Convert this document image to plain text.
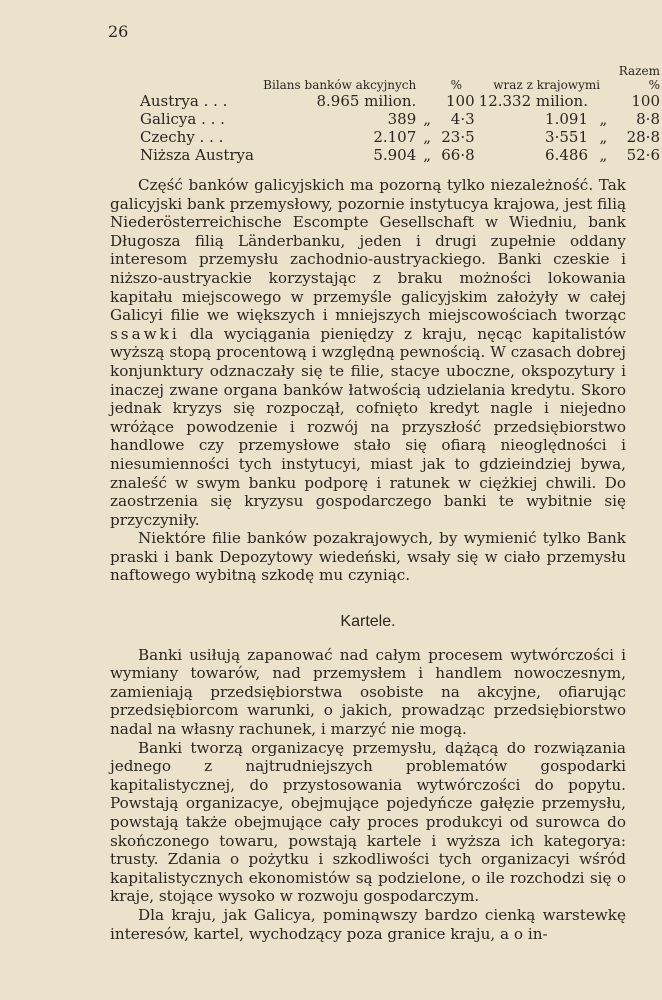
26
	Bilans banków akcyjnych		%	wraz z krajowymi		Razem
%
Austrya . . .	8.965 milion.		100	12.332 milion.		100
Galicya . . .	389	„	4·3	1.091	„	8·8
Czechy . . .	2.107	„	23·5	3·551	„	28·8
Niższa Austrya	5.904	„	66·8	6.486	„	52·6

Część banków galicyjskich ma pozorną tylko niezależność. Tak galicyjski bank przemysłowy, pozornie instytucya krajowa, jest filią Niederösterreichische Escompte Gesellschaft w Wiedniu, bank Długosza filią Länderbanku, jeden i drugi zupełnie oddany interesom przemysłu zachodnio-austryackiego. Banki czeskie i niższo-austryackie korzystając z braku możności lokowania kapitału miejscowego w przemyśle galicyjskim założyły w całej Galicyi filie we większych i mniejszych miejscowościach tworząc ssawki dla wyciągania pieniędzy z kraju, nęcąc kapitalistów wyższą stopą procentową i względną pewnością. W czasach dobrej konjunktury odznaczały się te filie, stacye uboczne, okspozytury i inaczej zwane organa banków łatwością udzielania kredytu. Skoro jednak kryzys się rozpoczął, cofnięto kredyt nagle i niejedno wróżące powodzenie i rozwój na przyszłość przedsiębiorstwo handlowe czy przemysłowe stało się ofiarą nieoględności i niesumienności tych instytucyi, miast jak to gdzieindziej bywa, znaleść w swym banku podporę i ratunek w ciężkiej chwili. Do zaostrzenia się kryzysu gospodarczego banki te wybitnie się przyczyniły.

Niektóre filie banków pozakrajowych, by wymienić tylko Bank praski i bank Depozytowy wiedeński, wsały się w ciało przemysłu naftowego wybitną szkodę mu czyniąc.

Kartele.

Banki usiłują zapanować nad całym procesem wytwórczości i wymiany towarów, nad przemysłem i handlem nowoczesnym, zamieniają przedsiębiorstwa osobiste na akcyjne, ofiarując przedsiębiorcom warunki, o jakich, prowadząc przedsiębiorstwo nadal na własny rachunek, i marzyć nie mogą.

Banki tworzą organizacyę przemysłu, dążącą do rozwiązania jednego z najtrudniejszych problematów gospodarki kapitalistycznej, do przystosowania wytwórczości do popytu. Powstają organizacye, obejmujące pojedyńcze gałęzie przemysłu, powstają także obejmujące cały proces produkcyi od surowca do skończonego towaru, powstają kartele i wyższa ich kategorya: trusty. Zdania o pożytku i szkodliwości tych organizacyi wśród kapitalistycznych ekonomistów są podzielone, o ile rozchodzi się o kraje, stojące wysoko w rozwoju gospodarczym.

Dla kraju, jak Galicya, pominąwszy bardzo cienką warstewkę interesów, kartel, wychodzący poza granice kraju, a o in-
